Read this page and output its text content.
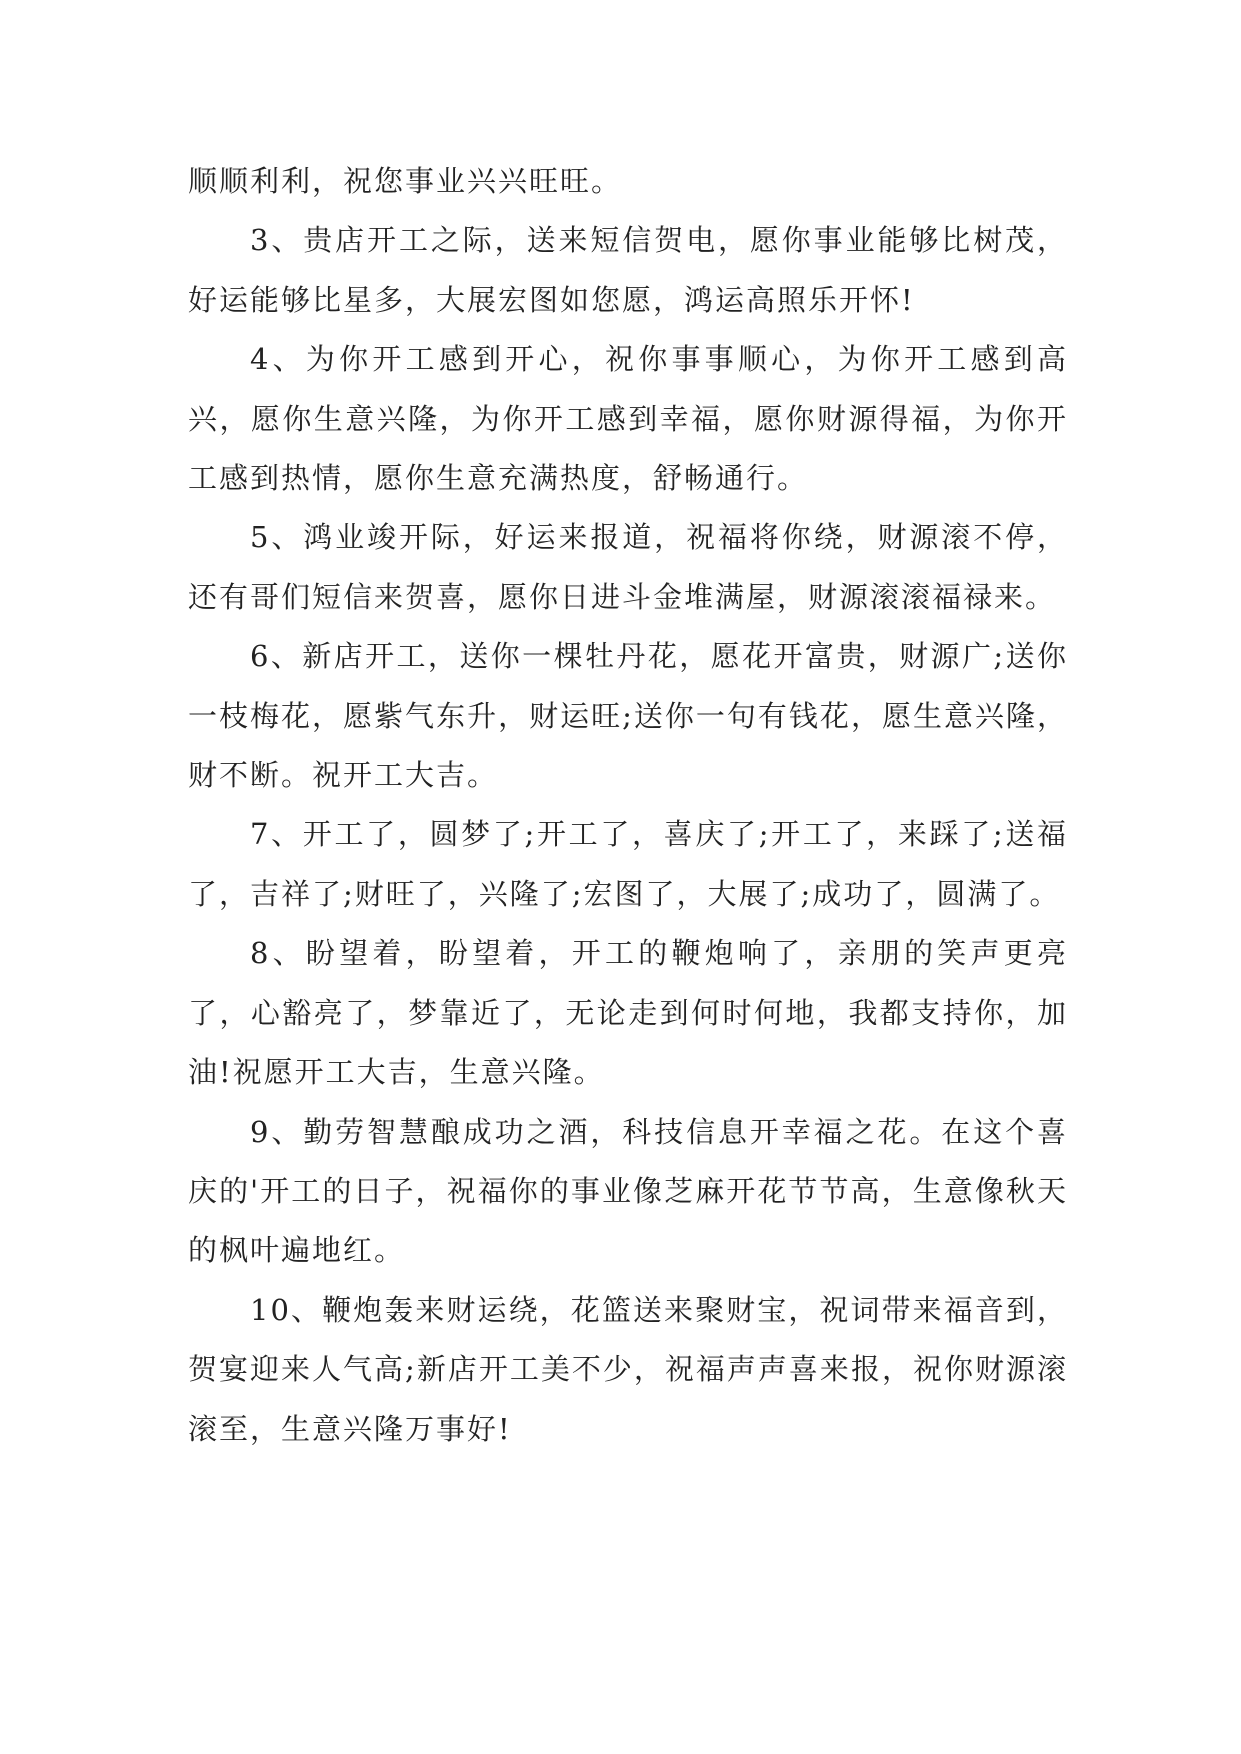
顺顺利利，祝您事业兴兴旺旺。

3、贵店开工之际，送来短信贺电，愿你事业能够比树茂，好运能够比星多，大展宏图如您愿，鸿运高照乐开怀!

4、为你开工感到开心，祝你事事顺心，为你开工感到高兴，愿你生意兴隆，为你开工感到幸福，愿你财源得福，为你开工感到热情，愿你生意充满热度，舒畅通行。

5、鸿业竣开际，好运来报道，祝福将你绕，财源滚不停，还有哥们短信来贺喜，愿你日进斗金堆满屋，财源滚滚福禄来。

6、新店开工，送你一棵牡丹花，愿花开富贵，财源广;送你一枝梅花，愿紫气东升，财运旺;送你一句有钱花，愿生意兴隆，财不断。祝开工大吉。

7、开工了，圆梦了;开工了，喜庆了;开工了，来踩了;送福了，吉祥了;财旺了，兴隆了;宏图了，大展了;成功了，圆满了。

8、盼望着，盼望着，开工的鞭炮响了，亲朋的笑声更亮了，心豁亮了，梦靠近了，无论走到何时何地，我都支持你，加油!祝愿开工大吉，生意兴隆。

9、勤劳智慧酿成功之酒，科技信息开幸福之花。在这个喜庆的'开工的日子，祝福你的事业像芝麻开花节节高，生意像秋天的枫叶遍地红。

10、鞭炮轰来财运绕，花篮送来聚财宝，祝词带来福音到，贺宴迎来人气高;新店开工美不少，祝福声声喜来报，祝你财源滚滚至，生意兴隆万事好!
